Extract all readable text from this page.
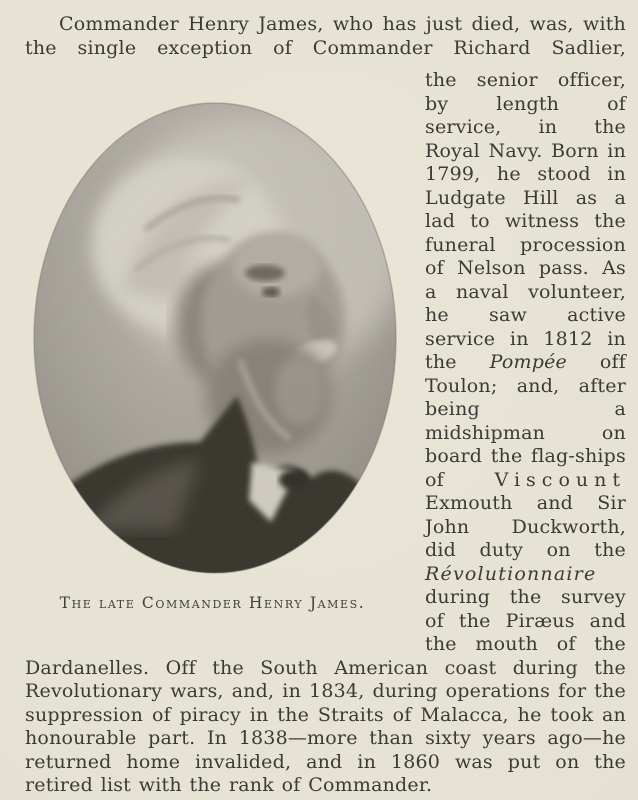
Commander Henry James, who has just died, was, with the single exception of Commander Richard Sadlier,
The late Commander Henry James.
the senior officer, by length of service, in the Royal Navy. Born in 1799, he stood in Ludgate Hill as a lad to witness the funeral procession of Nelson pass. As a naval volunteer, he saw active service in 1812 in the Pompée off Toulon; and, after being a midshipman on board the flag-ships of Viscount Exmouth and Sir John Duckworth, did duty on the Révolutionnaire during the survey of the Piræus and the mouth of the Dardanelles. Off the South American coast during the Revolutionary wars, and, in 1834, during operations for the suppression of piracy in the Straits of Malacca, he took an honourable part. In 1838—more than sixty years ago—he returned home invalided, and in 1860 was put on the retired list with the rank of Commander.
